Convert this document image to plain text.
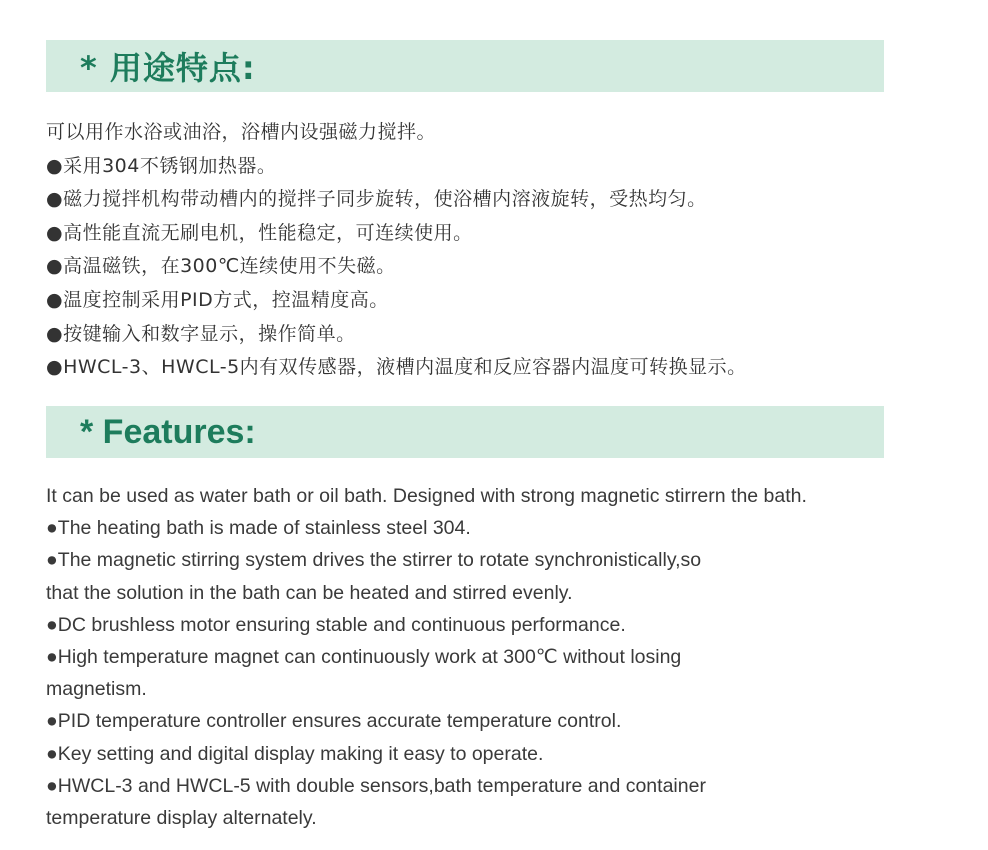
* 用途特点:
可以用作水浴或油浴，浴槽内设强磁力搅拌。
●采用304不锈钢加热器。
●磁力搅拌机构带动槽内的搅拌子同步旋转，使浴槽内溶液旋转，受热均匀。
●高性能直流无刷电机，性能稳定，可连续使用。
●高温磁铁，在300℃连续使用不失磁。
●温度控制采用PID方式，控温精度高。
●按键输入和数字显示，操作简单。
●HWCL-3、HWCL-5内有双传感器，液槽内温度和反应容器内温度可转换显示。
* Features:
It can be used as water bath or oil bath. Designed with strong magnetic stirrern the bath.
●The heating bath is made of stainless steel 304.
●The magnetic stirring system drives the stirrer to rotate synchronistically,so
that the solution in the bath can be heated and stirred evenly.
●DC brushless motor ensuring stable and continuous performance.
●High temperature magnet can continuously work at 300℃ without losing
magnetism.
●PID temperature controller ensures accurate temperature control.
●Key setting and digital display making it easy to operate.
●HWCL-3 and HWCL-5 with double sensors,bath temperature and container
temperature display alternately.
